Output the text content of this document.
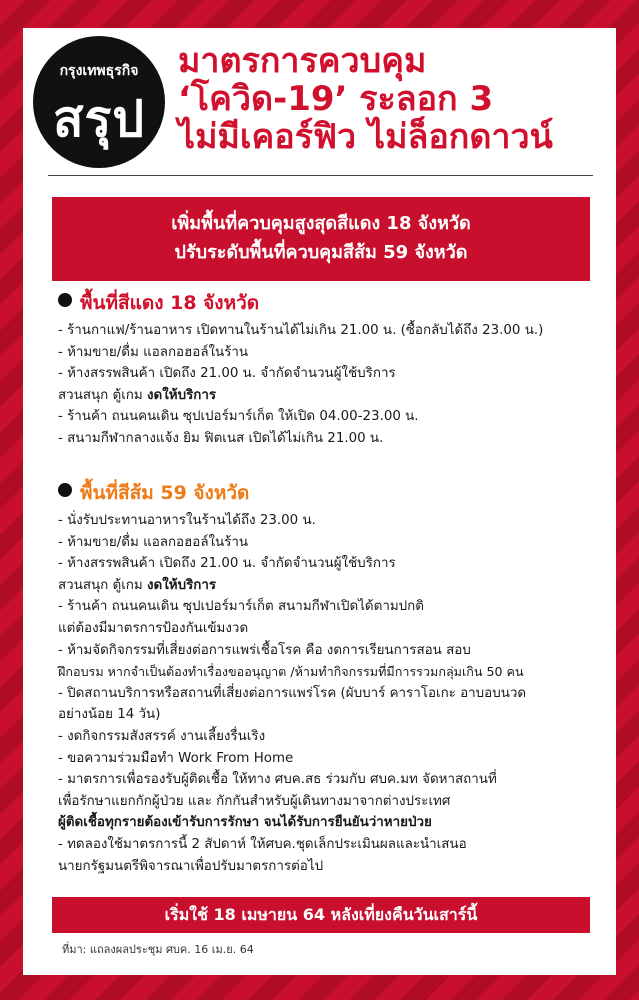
กรุงเทพธุรกิจ
สรุป
มาตรการควบคุม
‘โควิด-19’ ระลอก 3
ไม่มีเคอร์ฟิว ไม่ล็อกดาวน์
เพิ่มพื้นที่ควบคุมสูงสุดสีแดง 18 จังหวัด
ปรับระดับพื้นที่ควบคุมสีส้ม 59 จังหวัด
พื้นที่สีแดง 18 จังหวัด
- ร้านกาแฟ/ร้านอาหาร เปิดทานในร้านได้ไม่เกิน 21.00 น. (ซื้อกลับได้ถึง 23.00 น.)
- ห้ามขาย/ดื่ม แอลกอฮอล์ในร้าน
- ห้างสรรพสินค้า เปิดถึง 21.00 น. จำกัดจำนวนผู้ใช้บริการ
สวนสนุก ตู้เกม งดให้บริการ
- ร้านค้า ถนนคนเดิน ซุปเปอร์มาร์เก็ต ให้เปิด 04.00-23.00 น.
- สนามกีฬากลางแจ้ง ยิม ฟิตเนส เปิดได้ไม่เกิน 21.00 น.
พื้นที่สีส้ม 59 จังหวัด
- นั่งรับประทานอาหารในร้านได้ถึง 23.00 น.
- ห้ามขาย/ดื่ม แอลกอฮอล์ในร้าน
- ห้างสรรพสินค้า เปิดถึง 21.00 น. จำกัดจำนวนผู้ใช้บริการ
สวนสนุก ตู้เกม งดให้บริการ
- ร้านค้า ถนนคนเดิน ซุปเปอร์มาร์เก็ต สนามกีฬาเปิดได้ตามปกติ
แต่ต้องมีมาตรการป้องกันเข้มงวด
- ห้ามจัดกิจกรรมที่เสี่ยงต่อการแพร่เชื้อโรค คือ งดการเรียนการสอน สอบ
ฝึกอบรม หากจำเป็นต้องทำเรื่องขออนุญาต /ห้ามทำกิจกรรมที่มีการรวมกลุ่มเกิน 50 คน
- ปิดสถานบริการหรือสถานที่เสี่ยงต่อการแพร่โรค (ผับบาร์ คาราโอเกะ อาบอบนวด
อย่างน้อย 14 วัน)
- งดกิจกรรมสังสรรค์ งานเลี้ยงรื่นเริง
- ขอความร่วมมือทำ Work From Home
- มาตรการเพื่อรองรับผู้ติดเชื้อ ให้ทาง ศบค.สธ ร่วมกับ ศบค.มท จัดหาสถานที่
เพื่อรักษาแยกกักผู้ป่วย และ กักกันสำหรับผู้เดินทางมาจากต่างประเทศ
ผู้ติดเชื้อทุกรายต้องเข้ารับการรักษา จนได้รับการยืนยันว่าหายป่วย
- ทดลองใช้มาตรการนี้ 2 สัปดาห์ ให้ศบค.ชุดเล็กประเมินผลและนำเสนอ
นายกรัฐมนตรีพิจารณาเพื่อปรับมาตรการต่อไป
เริ่มใช้ 18 เมษายน 64 หลังเที่ยงคืนวันเสาร์นี้
ที่มา: แถลงผลประชุม ศบค. 16 เม.ย. 64
